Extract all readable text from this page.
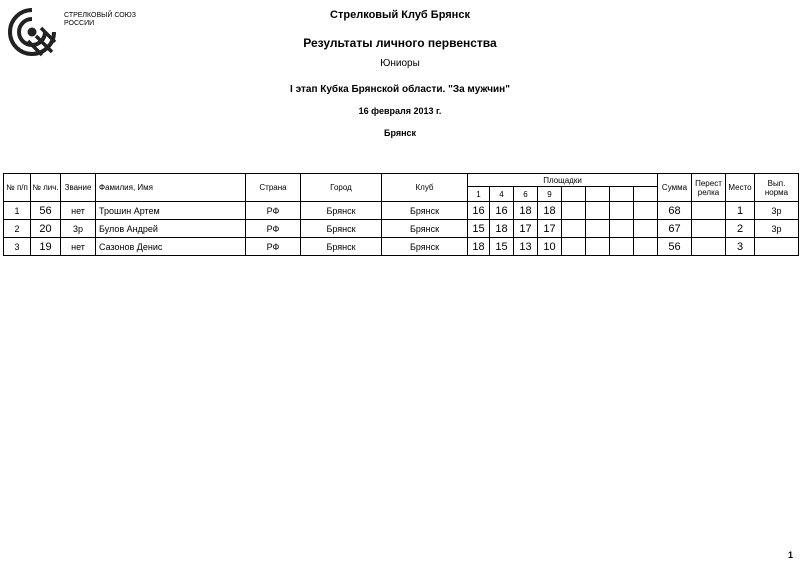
СТРЕЛКОВЫЙ СОЮЗ
РОССИИ
Стрелковый Клуб Брянск
Результаты личного первенства
Юниоры
I этап Кубка Брянской области. "За мужчин"
16 февраля 2013 г.
Брянск
№ п/п	№ лич.	Звание	Фамилия, Имя	Страна	Город	Клуб	Площадки								Сумма	Перест релка	Место	Вып. норма
							1	4	6	9								
1	56	нет	Трошин Артем	РФ	Брянск	Брянск	16	16	18	18					68		1	3р
2	20	3р	Булов Андрей	РФ	Брянск	Брянск	15	18	17	17					67		2	3р
3	19	нет	Сазонов Денис	РФ	Брянск	Брянск	18	15	13	10					56		3	
1
